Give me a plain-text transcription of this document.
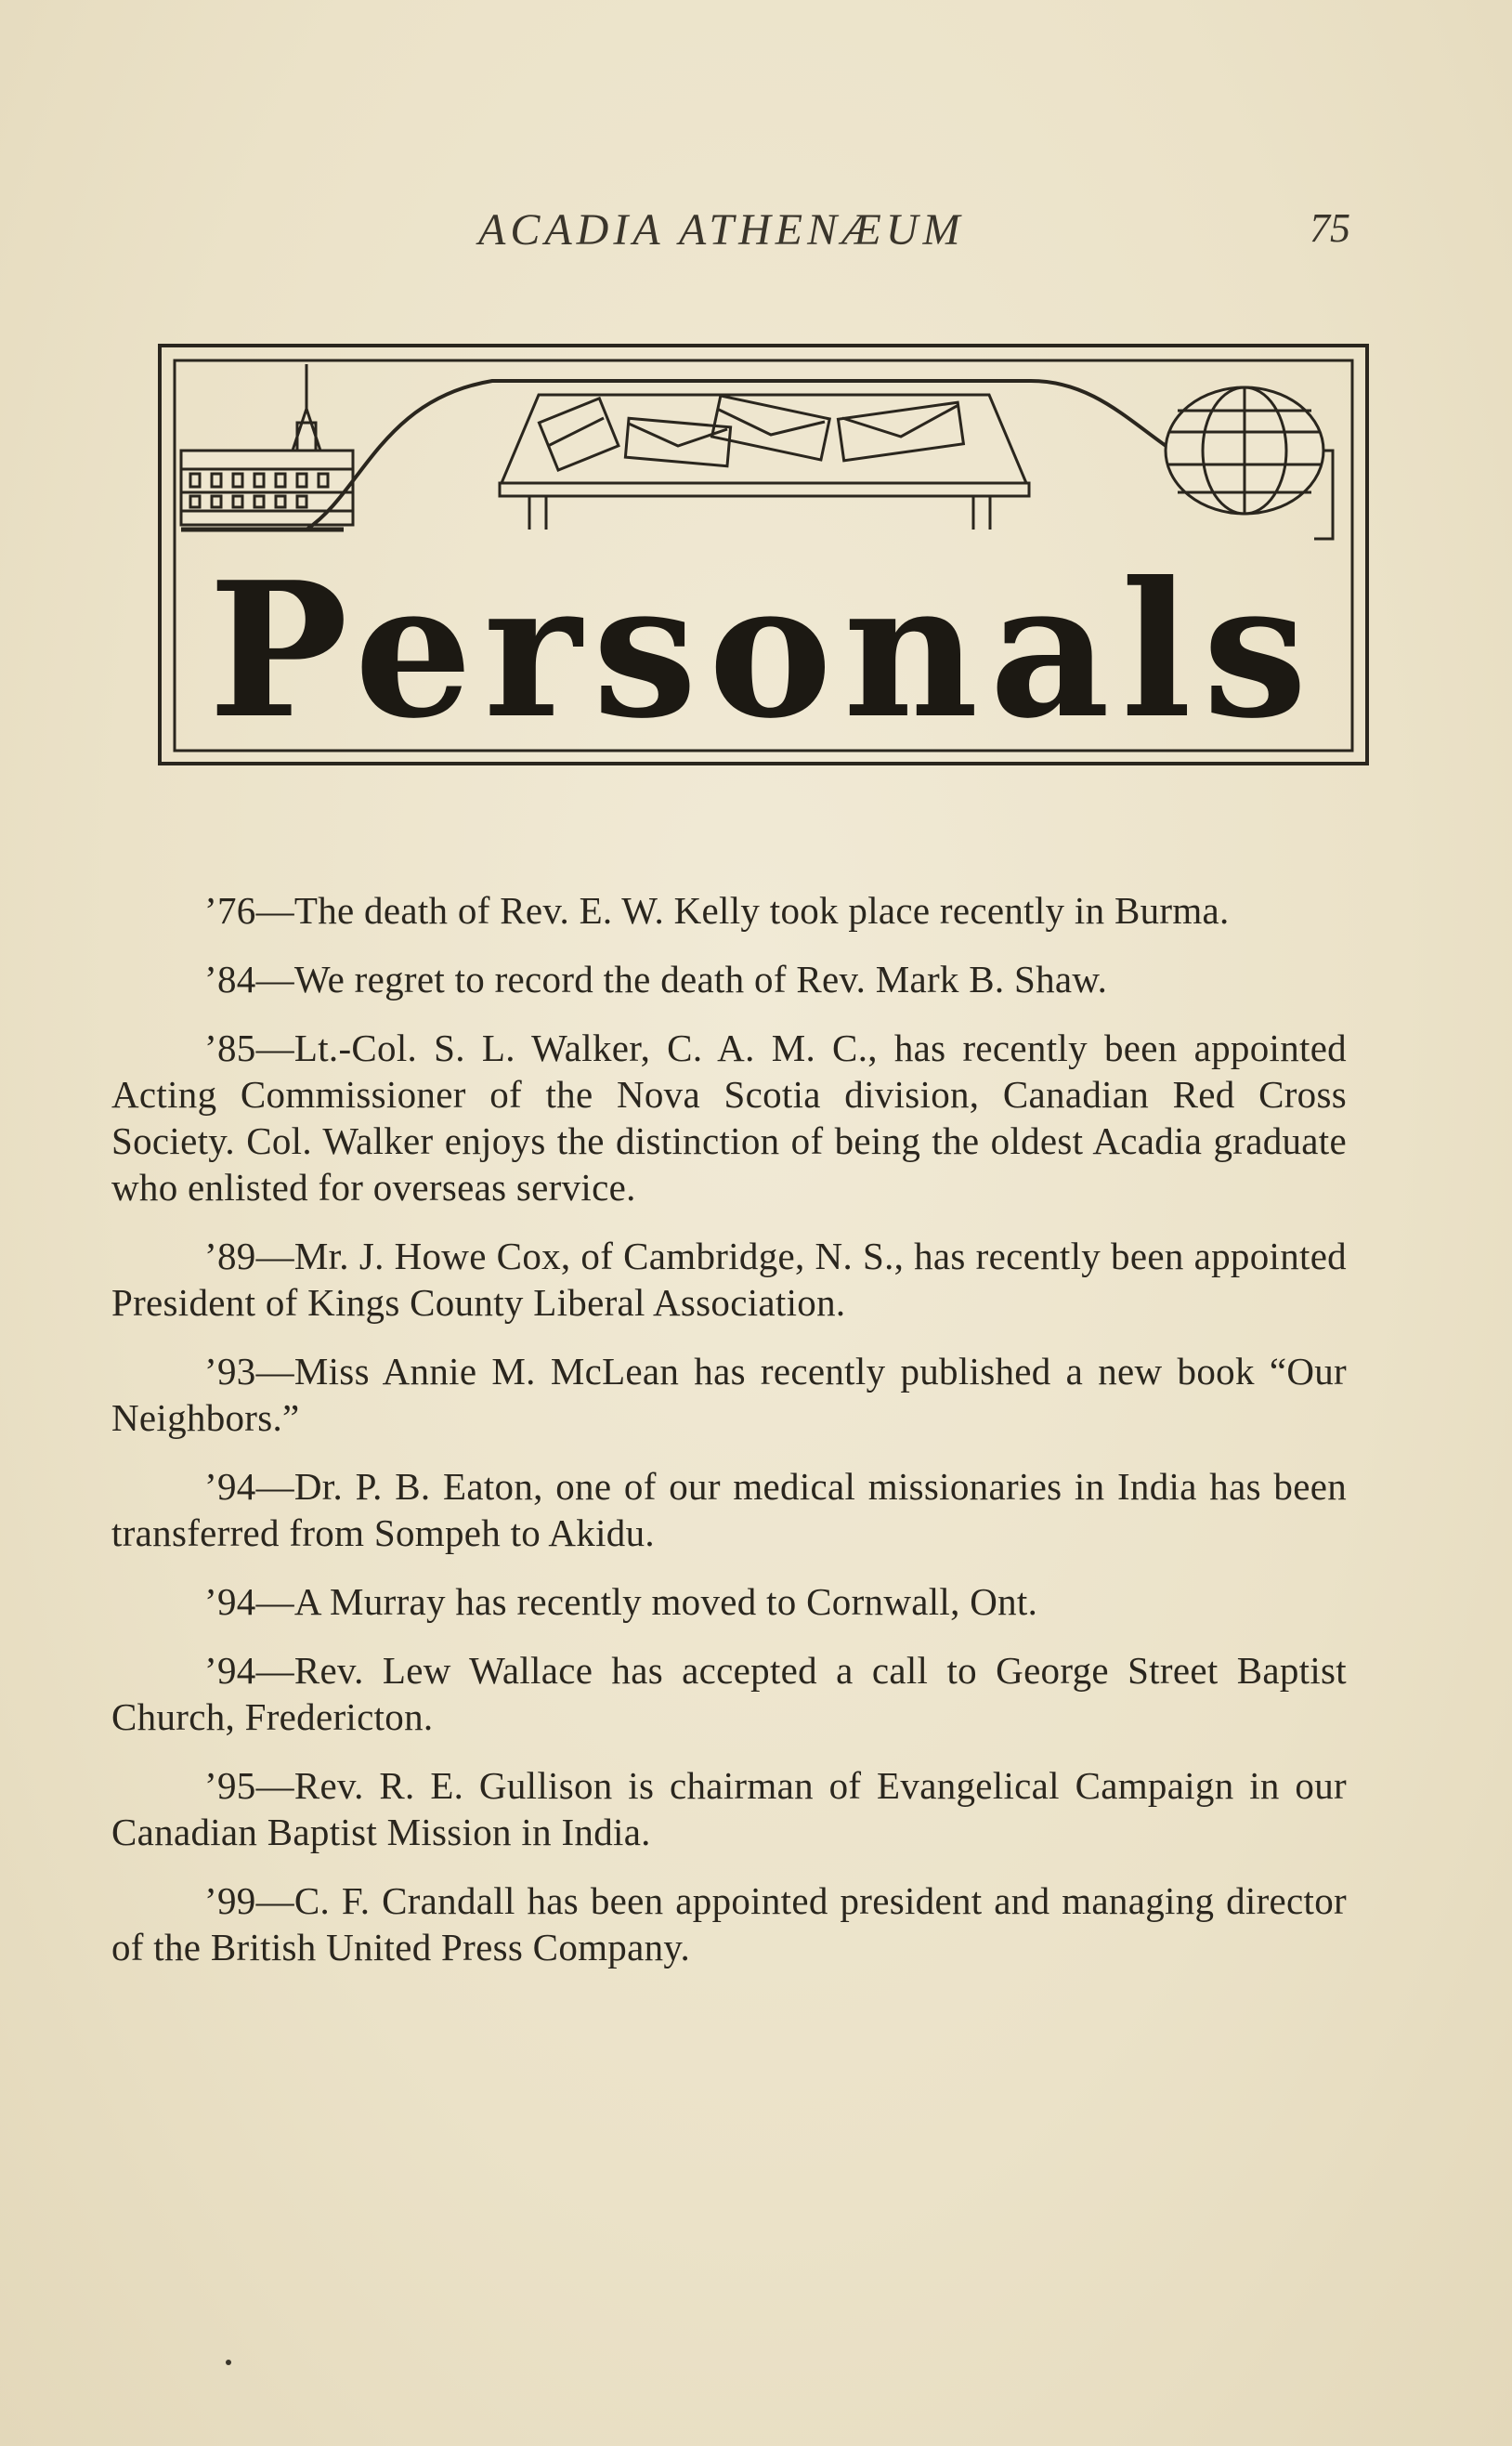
ACADIA ATHENÆUM	75
Personals

’76—The death of Rev. E. W. Kelly took place recently in Burma.

’84—We regret to record the death of Rev. Mark B. Shaw.

’85—Lt.-Col. S. L. Walker, C. A. M. C., has recently been appointed Acting Commissioner of the Nova Scotia division, Canadian Red Cross Society. Col. Walker enjoys the distinction of being the oldest Acadia graduate who enlisted for overseas service.

’89—Mr. J. Howe Cox, of Cambridge, N. S., has recently been appointed President of Kings County Liberal Association.

’93—Miss Annie M. McLean has recently published a new book “Our Neighbors.”

’94—Dr. P. B. Eaton, one of our medical missionaries in India has been transferred from Sompeh to Akidu.

’94—A Murray has recently moved to Cornwall, Ont.

’94—Rev. Lew Wallace has accepted a call to George Street Baptist Church, Fredericton.

’95—Rev. R. E. Gullison is chairman of Evangelical Campaign in our Canadian Baptist Mission in India.

’99—C. F. Crandall has been appointed president and managing director of the British United Press Company.
